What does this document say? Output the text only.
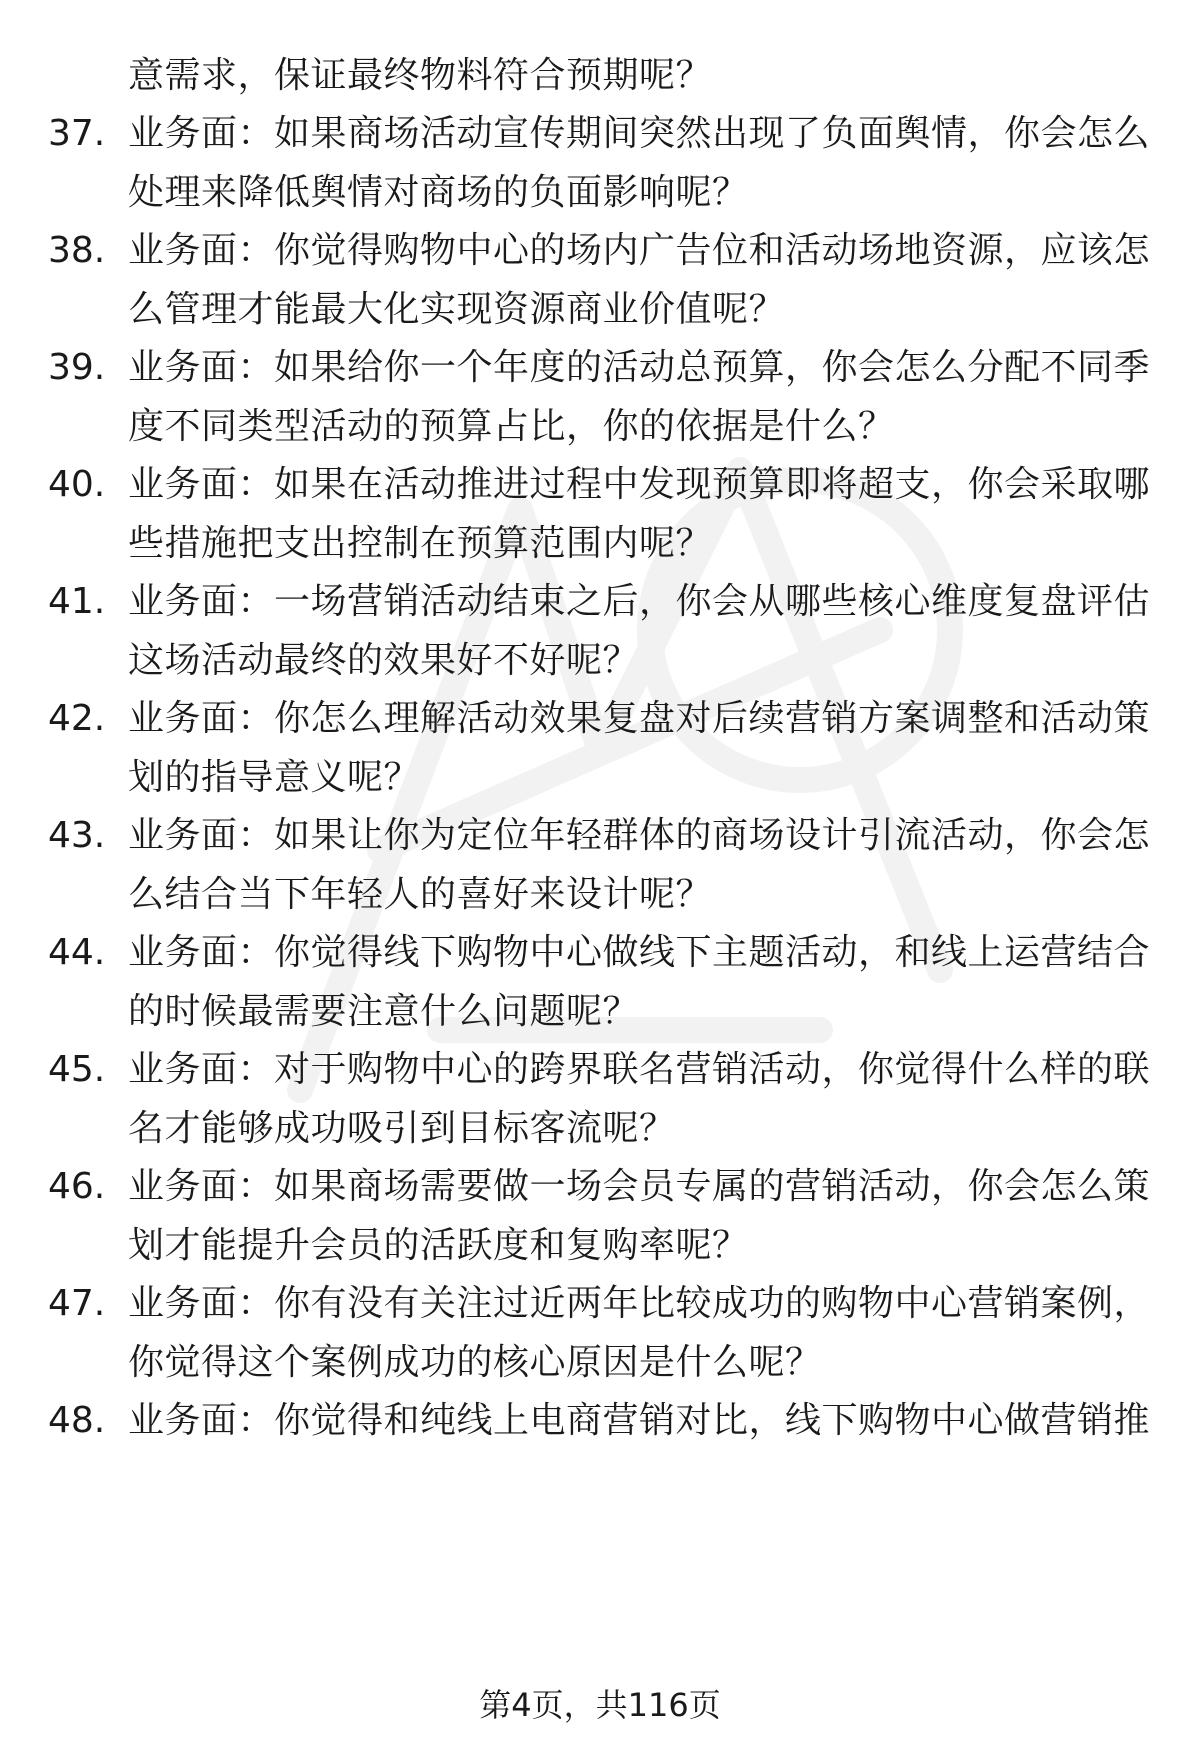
意需求，保证最终物料符合预期呢？
37. 业务面：如果商场活动宣传期间突然出现了负面舆情，你会怎么
处理来降低舆情对商场的负面影响呢？
38. 业务面：你觉得购物中心的场内广告位和活动场地资源，应该怎
么管理才能最大化实现资源商业价值呢？
39. 业务面：如果给你一个年度的活动总预算，你会怎么分配不同季
度不同类型活动的预算占比，你的依据是什么？
40. 业务面：如果在活动推进过程中发现预算即将超支，你会采取哪
些措施把支出控制在预算范围内呢？
41. 业务面：一场营销活动结束之后，你会从哪些核心维度复盘评估
这场活动最终的效果好不好呢？
42. 业务面：你怎么理解活动效果复盘对后续营销方案调整和活动策
划的指导意义呢？
43. 业务面：如果让你为定位年轻群体的商场设计引流活动，你会怎
么结合当下年轻人的喜好来设计呢？
44. 业务面：你觉得线下购物中心做线下主题活动，和线上运营结合
的时候最需要注意什么问题呢？
45. 业务面：对于购物中心的跨界联名营销活动，你觉得什么样的联
名才能够成功吸引到目标客流呢？
46. 业务面：如果商场需要做一场会员专属的营销活动，你会怎么策
划才能提升会员的活跃度和复购率呢？
47. 业务面：你有没有关注过近两年比较成功的购物中心营销案例，
你觉得这个案例成功的核心原因是什么呢？
48. 业务面：你觉得和纯线上电商营销对比，线下购物中心做营销推
第4页，共116页
